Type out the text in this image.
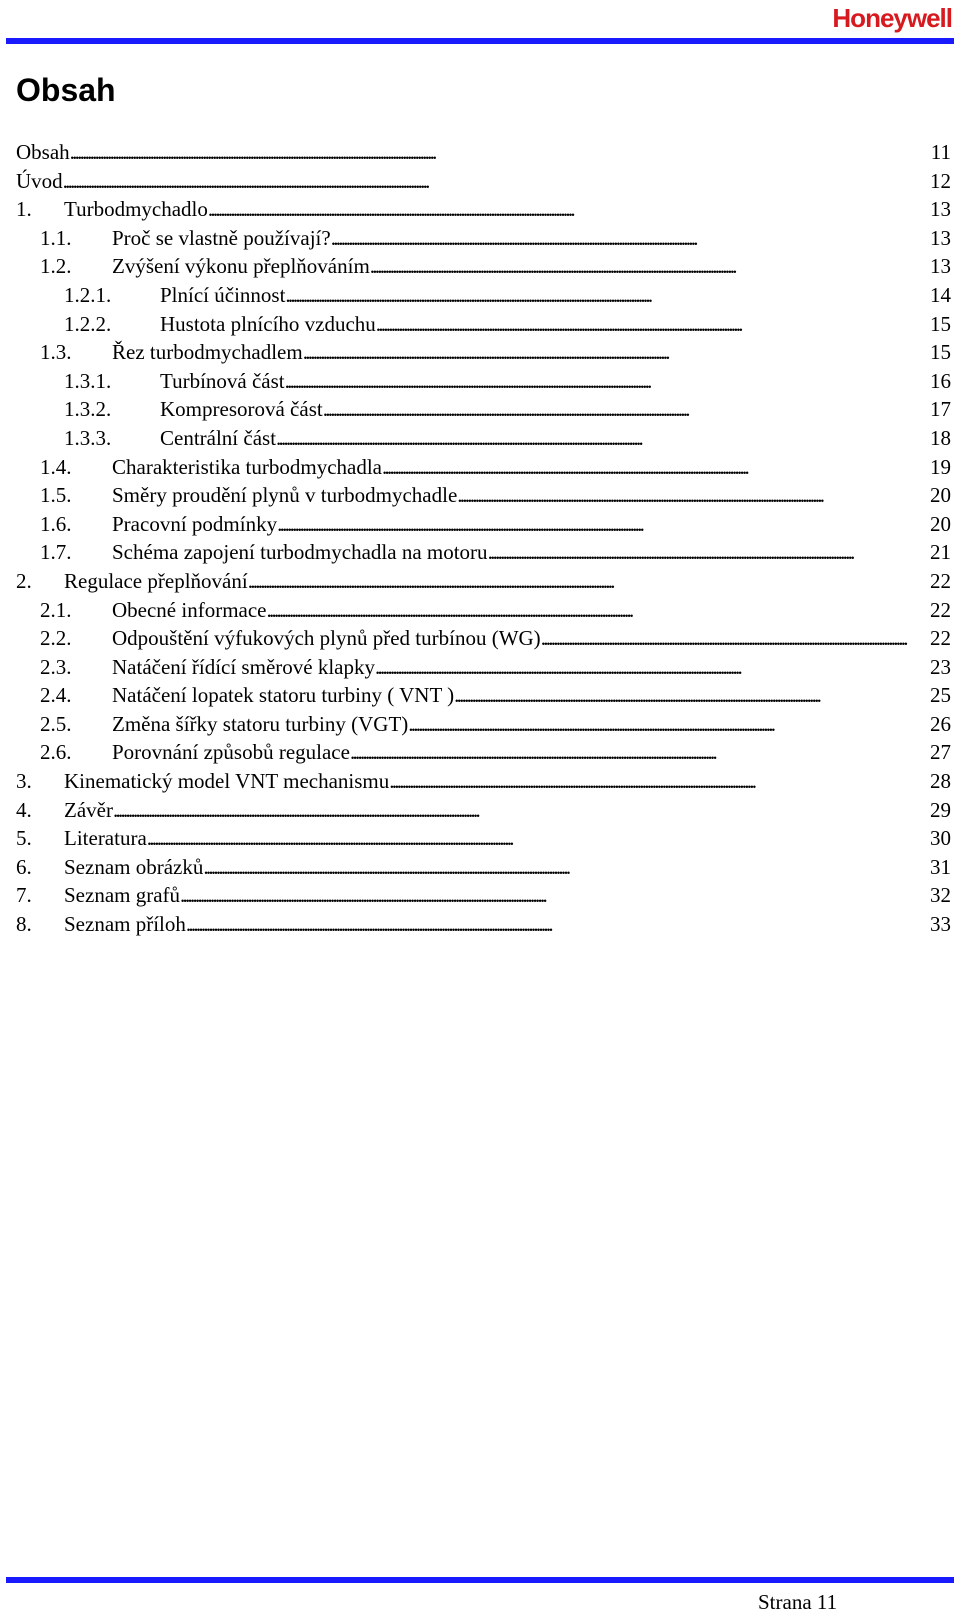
Honeywell
Obsah
Obsah . . .	11
Úvod . . .	12
1.	Turbodmychadlo . . .	13
1.1.	Proč se vlastně používají? . . .	13
1.2.	Zvýšení výkonu přeplňováním . . .	13
1.2.1.	Plnící účinnost . . .	14
1.2.2.	Hustota plnícího vzduchu . . .	15
1.3.	Řez turbodmychadlem . . .	15
1.3.1.	Turbínová část . . .	16
1.3.2.	Kompresorová část . . .	17
1.3.3.	Centrální část . . .	18
1.4.	Charakteristika turbodmychadla . . .	19
1.5.	Směry proudění plynů v turbodmychadle . . .	20
1.6.	Pracovní podmínky . . .	20
1.7.	Schéma zapojení turbodmychadla na motoru . . .	21
2.	Regulace přeplňování . . .	22
2.1.	Obecné informace . . .	22
2.2.	Odpouštění výfukových plynů před turbínou (WG) . . .	22
2.3.	Natáčení řídící směrové klapky . . .	23
2.4.	Natáčení lopatek statoru turbiny ( VNT ) . . .	25
2.5.	Změna šířky statoru turbiny (VGT) . . .	26
2.6.	Porovnání způsobů regulace . . .	27
3.	Kinematický model VNT mechanismu . . .	28
4.	Závěr . . .	29
5.	Literatura . . .	30
6.	Seznam obrázků . . .	31
7.	Seznam grafů . . .	32
8.	Seznam příloh . . .	33
Strana 11
